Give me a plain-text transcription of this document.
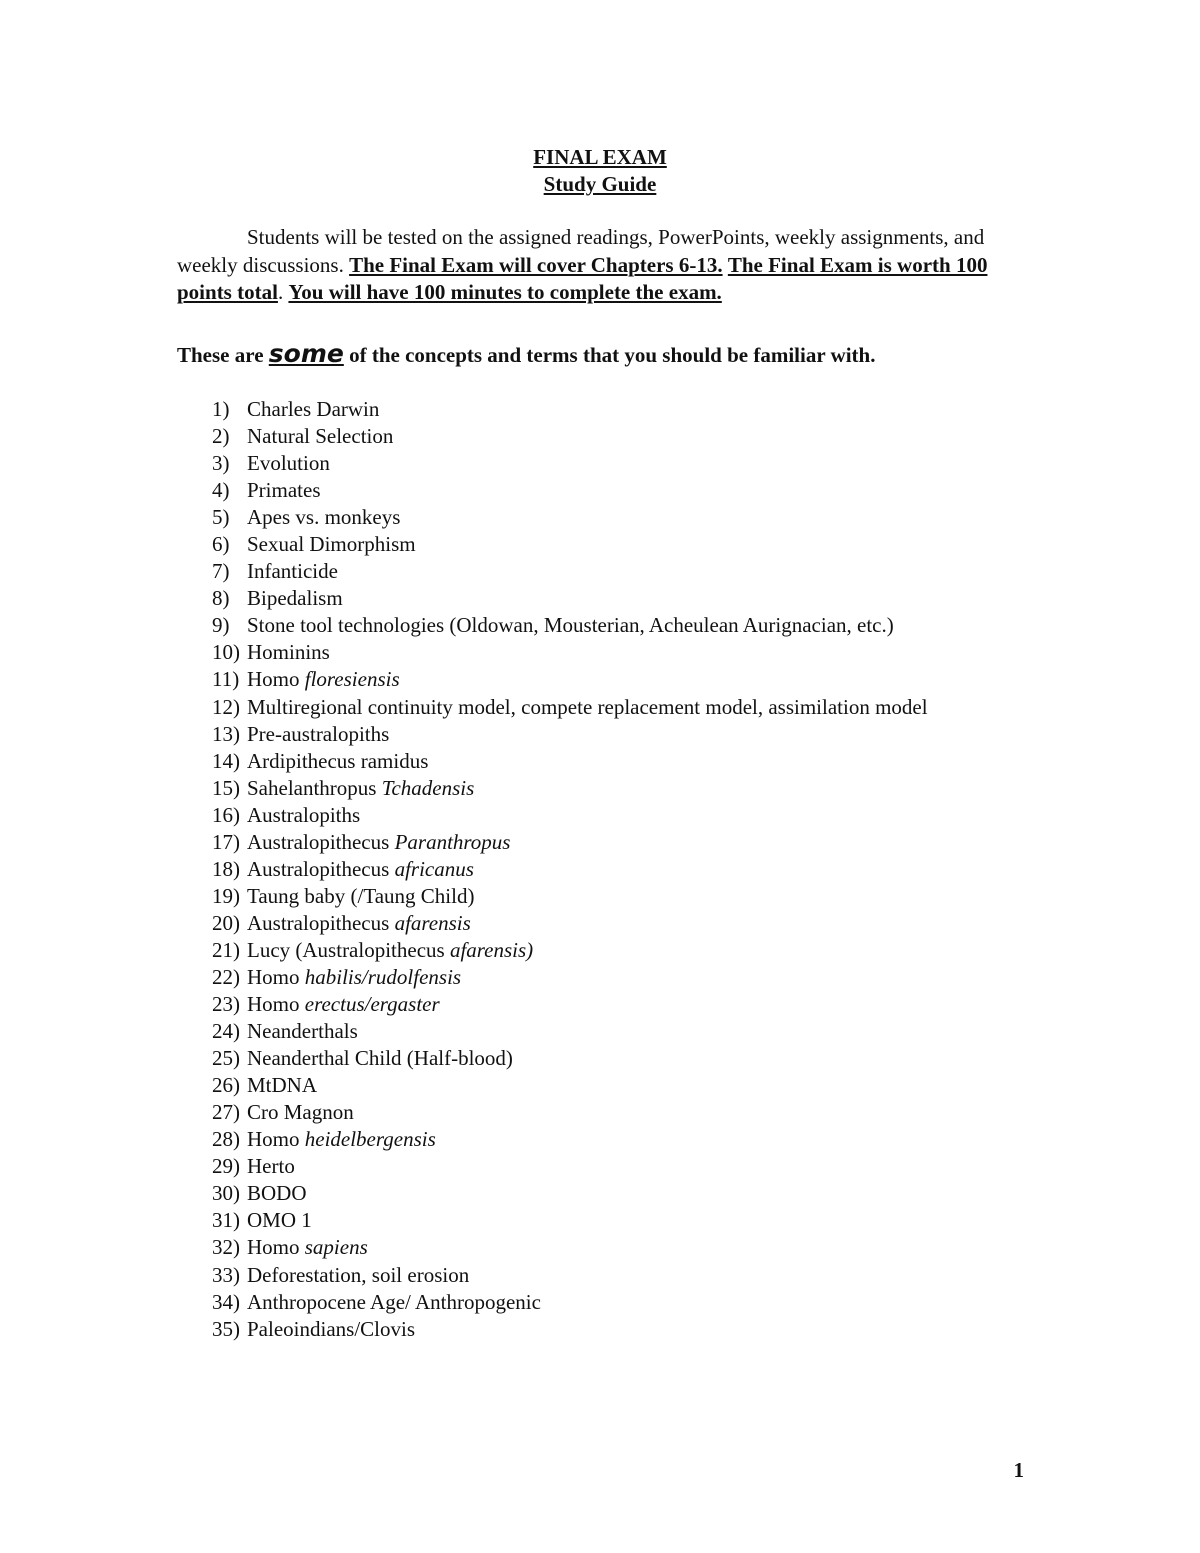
FINAL EXAM
Study Guide
Students will be tested on the assigned readings, PowerPoints, weekly assignments, and weekly discussions. The Final Exam will cover Chapters 6-13. The Final Exam is worth 100 points total. You will have 100 minutes to complete the exam.
These are some of the concepts and terms that you should be familiar with.
1) Charles Darwin
2) Natural Selection
3) Evolution
4) Primates
5) Apes vs. monkeys
6) Sexual Dimorphism
7) Infanticide
8) Bipedalism
9) Stone tool technologies (Oldowan, Mousterian, Acheulean Aurignacian, etc.)
10) Hominins
11) Homo floresiensis
12) Multiregional continuity model, compete replacement model, assimilation model
13) Pre-australopiths
14) Ardipithecus ramidus
15) Sahelanthropus Tchadensis
16) Australopiths
17) Australopithecus Paranthropus
18) Australopithecus africanus
19) Taung baby (/Taung Child)
20) Australopithecus afarensis
21) Lucy (Australopithecus afarensis)
22) Homo habilis/rudolfensis
23) Homo erectus/ergaster
24) Neanderthals
25) Neanderthal Child (Half-blood)
26) MtDNA
27) Cro Magnon
28) Homo heidelbergensis
29) Herto
30) BODO
31) OMO 1
32) Homo sapiens
33) Deforestation, soil erosion
34) Anthropocene Age/ Anthropogenic
35) Paleoindians/Clovis
1
